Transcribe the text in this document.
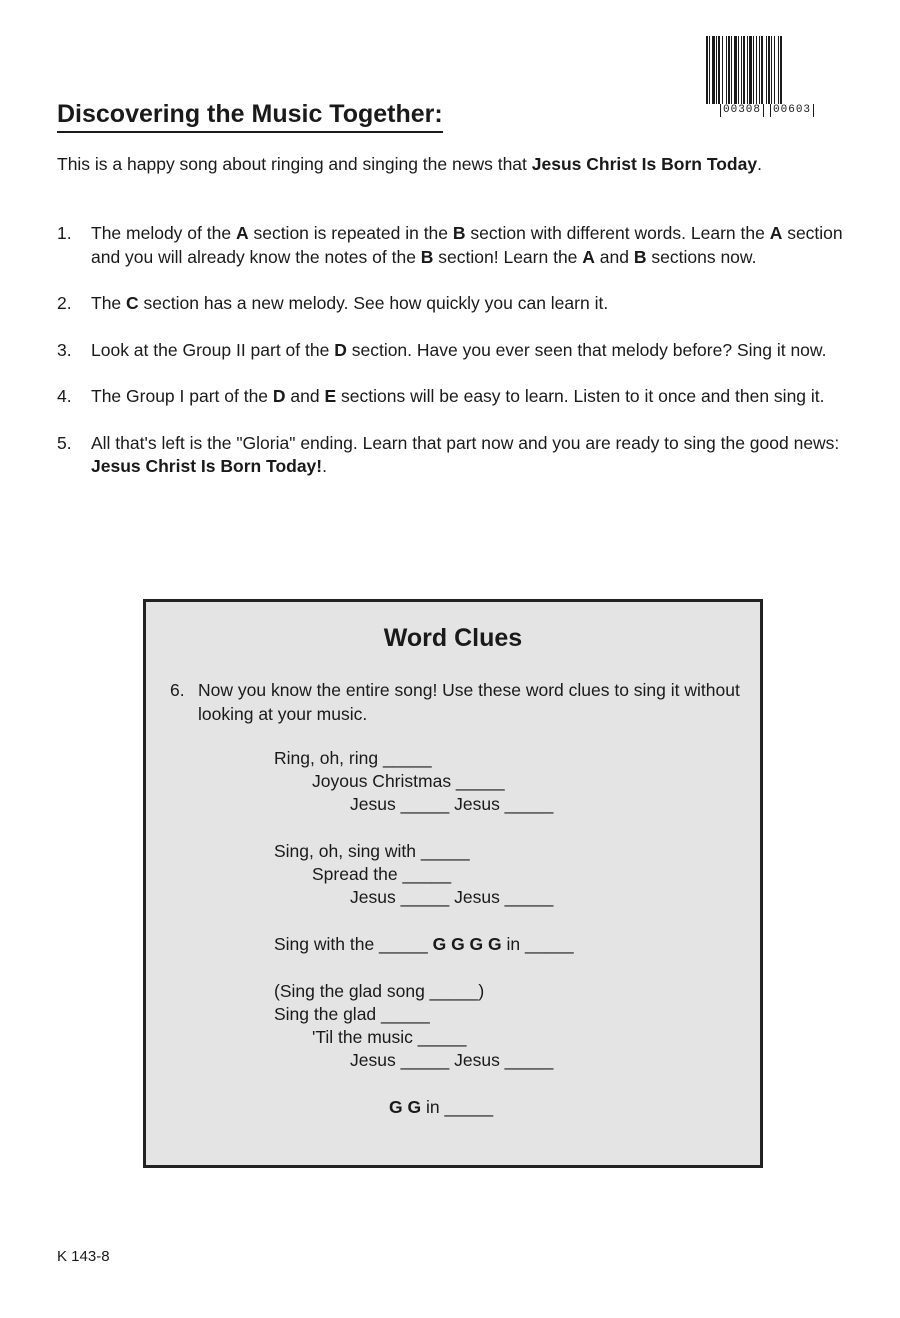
00308 00603
Discovering the Music Together:

This is a happy song about ringing and singing the news that Jesus Christ Is Born Today.

1.	The melody of the A section is repeated in the B section with different words. Learn the A section and you will already know the notes of the B section! Learn the A and B sections now.
2. The C section has a new melody. See how quickly you can learn it.
3. Look at the Group II part of the D section. Have you ever seen that melody before? Sing it now.
4. The Group I part of the D and E sections will be easy to learn. Listen to it once and then sing it.
5.	All that's left is the "Gloria" ending. Learn that part now and you are ready to sing the good news: Jesus Christ Is Born Today!.
Word Clues

6. Now you know the entire song! Use these word clues to sing it without looking at your music.

Ring, oh, ring _____
Joyous Christmas _____
Jesus _____ Jesus _____
Sing, oh, sing with _____
Spread the _____
Jesus _____ Jesus _____
Sing with the _____ G G G G in _____
(Sing the glad song _____)
Sing the glad _____
'Til the music _____
Jesus _____ Jesus _____
G G in _____
K 143-8
